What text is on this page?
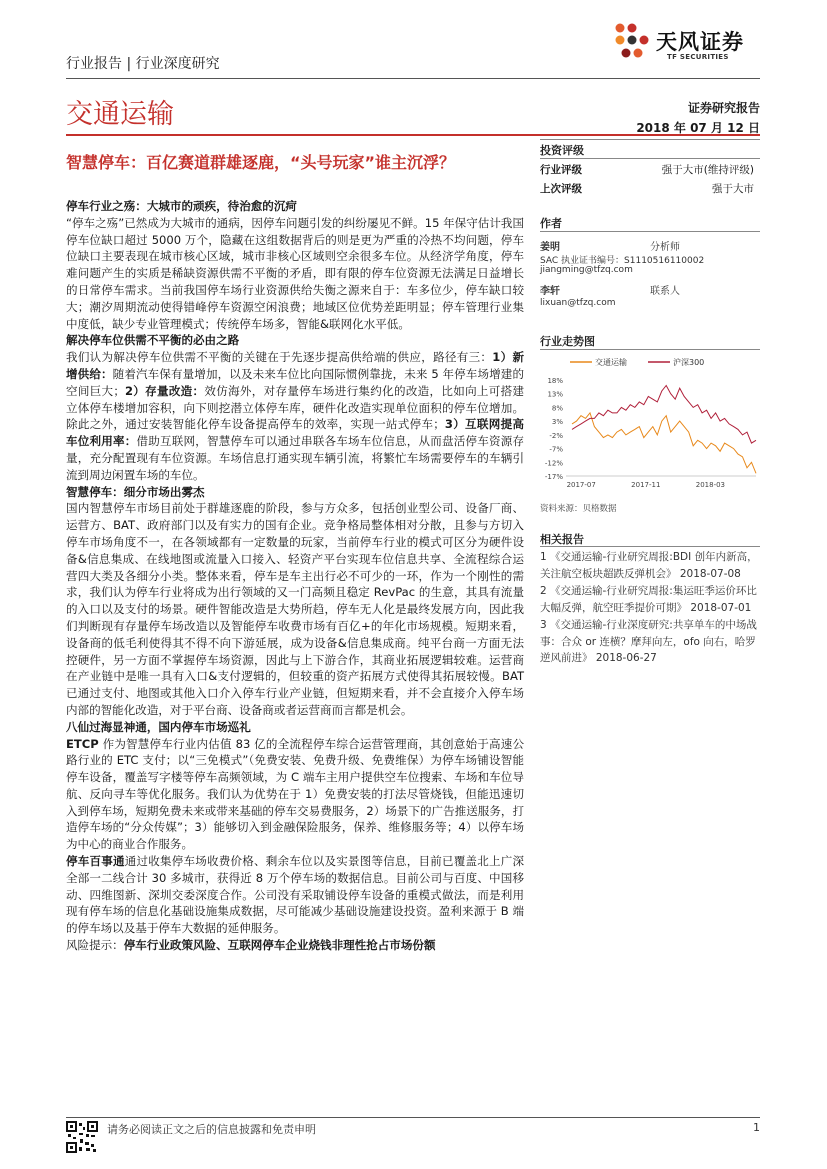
天风证券
TF SECURITIES
行业报告 | 行业深度研究
交通运输	证券研究报告
2018 年 07 月 12 日
智慧停车：百亿赛道群雄逐鹿，“头号玩家”谁主沉浮？

停车行业之殇：大城市的顽疾，待治愈的沉疴

“停车之殇”已然成为大城市的通病，因停车问题引发的纠纷屡见不鲜。15 年保守估计我国停车位缺口超过 5000 万个，隐藏在这组数据背后的则是更为严重的冷热不均问题，停车位缺口主要表现在城市核心区域，城市非核心区域则空余很多车位。从经济学角度，停车难问题产生的实质是稀缺资源供需不平衡的矛盾，即有限的停车位资源无法满足日益增长的日常停车需求。当前我国停车场行业资源供给失衡之源来自于：车多位少，停车缺口较大；潮汐周期流动使得错峰停车资源空闲浪费；地域区位优势差距明显；停车管理行业集中度低，缺少专业管理模式；传统停车场多，智能&联网化水平低。

解决停车位供需不平衡的必由之路

我们认为解决停车位供需不平衡的关键在于先逐步提高供给端的供应，路径有三：1）新增供给：随着汽车保有量增加，以及未来车位比向国际惯例靠拢，未来 5 年停车场增建的空间巨大；2）存量改造：效仿海外，对存量停车场进行集约化的改造，比如向上可搭建立体停车楼增加容积，向下则挖潜立体停车库，硬件化改造实现单位面积的停车位增加。除此之外，通过安装智能化停车设备提高停车的效率，实现一站式停车；3）互联网提高车位利用率：借助互联网，智慧停车可以通过串联各车场车位信息，从而盘活停车资源存量，充分配置现有车位资源。车场信息打通实现车辆引流，将繁忙车场需要停车的车辆引流到周边闲置车场的车位。

智慧停车：细分市场出雾杰

国内智慧停车市场目前处于群雄逐鹿的阶段，参与方众多，包括创业型公司、设备厂商、运营方、BAT、政府部门以及有实力的国有企业。竞争格局整体相对分散，且参与方切入停车市场角度不一，在各领域都有一定数量的玩家，当前停车行业的模式可区分为硬件设备&信息集成、在线地图或流量入口接入、轻资产平台实现车位信息共享、全流程综合运营四大类及各细分小类。整体来看，停车是车主出行必不可少的一环，作为一个刚性的需求，我们认为停车行业将成为出行领域的又一门高频且稳定 RevPac 的生意，其具有流量的入口以及支付的场景。硬件智能改造是大势所趋，停车无人化是最终发展方向，因此我们判断现有存量停车场改造以及智能停车收费市场有百亿+的年化市场规模。短期来看，设备商的低毛利使得其不得不向下游延展，成为设备&信息集成商。纯平台商一方面无法控硬件，另一方面不掌握停车场资源，因此与上下游合作，其商业拓展逻辑较难。运营商在产业链中是唯一具有入口&支付逻辑的，但较重的资产拓展方式使得其拓展较慢。BAT 已通过支付、地图或其他入口介入停车行业产业链，但短期来看，并不会直接介入停车场内部的智能化改造，对于平台商、设备商或者运营商而言都是机会。

八仙过海显神通，国内停车市场巡礼

ETCP 作为智慧停车行业内估值 83 亿的全流程停车综合运营管理商，其创意始于高速公路行业的 ETC 支付；以“三免模式”（免费安装、免费升级、免费维保）为停车场铺设智能停车设备，覆盖写字楼等停车高频领域，为 C 端车主用户提供空车位搜索、车场和车位导航、反向寻车等优化服务。我们认为优势在于 1）免费安装的打法尽管烧钱，但能迅速切入到停车场，短期免费未来或带来基础的停车交易费服务，2）场景下的广告推送服务，打造停车场的“分众传媒”；3）能够切入到金融保险服务，保养、维修服务等；4）以停车场为中心的商业合作服务。

停车百事通通过收集停车场收费价格、剩余车位以及实景图等信息，目前已覆盖北上广深全部一二线合计 30 多城市，获得近 8 万个停车场的数据信息。目前公司与百度、中国移动、四维图新、深圳交委深度合作。公司没有采取铺设停车设备的重模式做法，而是利用现有停车场的信息化基础设施集成数据，尽可能减少基础设施建设投资。盈利来源于 B 端的停车场以及基于停车大数据的延伸服务。

风险提示：停车行业政策风险、互联网停车企业烧钱非理性抢占市场份额

投资评级
行业评级	强于大市(维持评级)
上次评级	强于大市
作者
姜明	分析师
SAC 执业证书编号：S1110516110002
jiangming@tfzq.com
李轩	联系人
lixuan@tfzq.com
行业走势图
交通运输	沪深300
18%
13%
8%
3%
-2%
-7%
-12%
-17%
2017-07	2017-11	2018-03
资料来源：贝格数据
相关报告
1 《交通运输-行业研究周报:BDI 创年内新高，关注航空板块超跌反弹机会》 2018-07-08
2 《交通运输-行业研究周报:集运旺季运价环比大幅反弹，航空旺季提价可期》 2018-07-01
3 《交通运输-行业深度研究:共享单车的中场战事：合众 or 连横？摩拜向左，ofo 向右，哈罗逆风前进》 2018-06-27
请务必阅读正文之后的信息披露和免责申明	1
